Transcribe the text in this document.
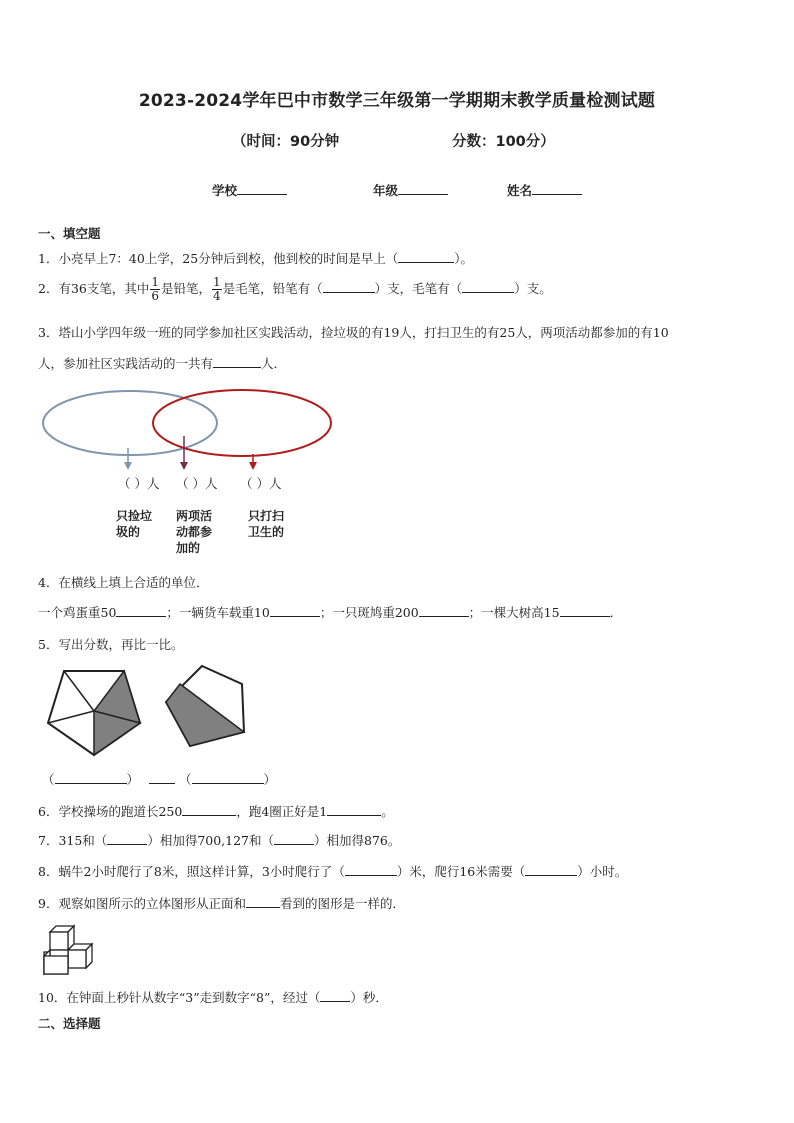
2023-2024学年巴中市数学三年级第一学期期末教学质量检测试题
（时间：90分钟	分数：100分）
学校	年级	姓名
一、填空题
1．小亮早上7：40上学，25分钟后到校，他到校的时间是早上（	）。
2．有36支笔，其中 $\frac{1}{6}$ 是铅笔， $\frac{1}{4}$ 是毛笔，铅笔有（	）支，毛笔有（	）支。
3．塔山小学四年级一班的同学参加社区实践活动，捡垃圾的有19人，打扫卫生的有25人，两项活动都参加的有10
人，参加社区实践活动的一共有	人．
（ ）人 （ ）人 （ ）人
只捡垃圾的
两项活动都参加的
只打扫卫生的
4．在横线上填上合适的单位．
一个鸡蛋重50	；一辆货车载重10	；一只斑鸠重200	；一棵大树高15	．
5．写出分数，再比一比。
（	）	（	）
6．学校操场的跑道长250	，跑4圈正好是1	。
7．315和（	）相加得700,127和（	）相加得876。
8．蜗牛2小时爬行了8米，照这样计算，3小时爬行了（	）米，爬行16米需要（	）小时。
9．观察如图所示的立体图形从正面和	看到的图形是一样的．
10．在钟面上秒针从数字“3”走到数字“8”，经过（ ）秒．
二、选择题
